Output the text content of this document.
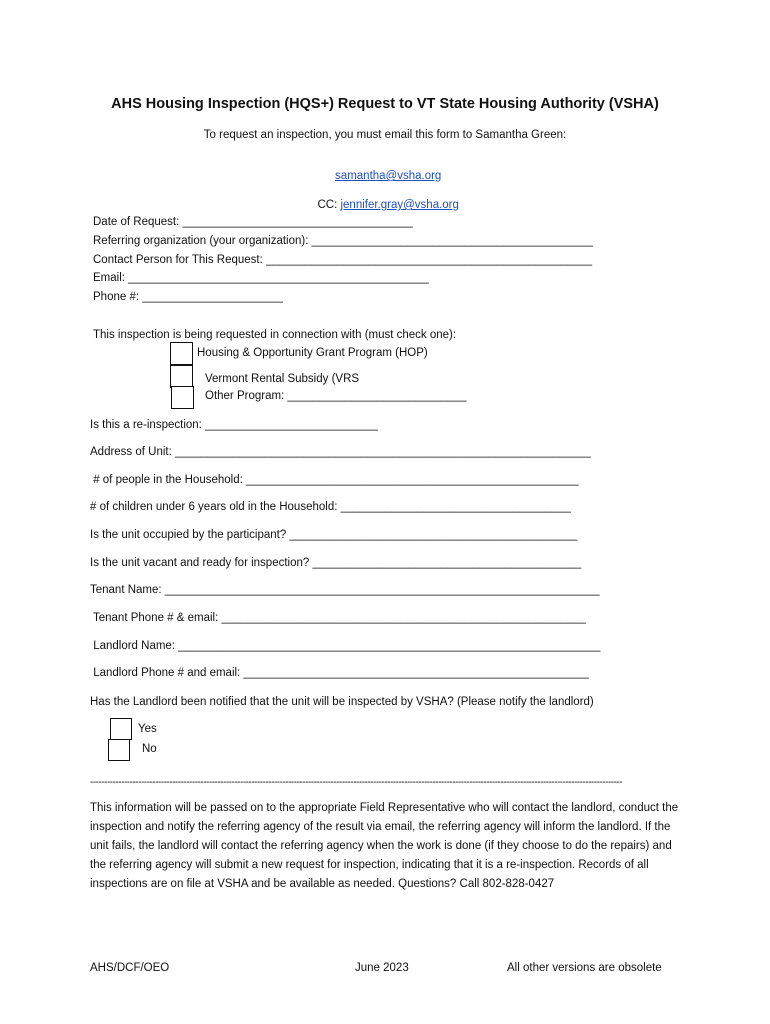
AHS Housing Inspection (HQS+) Request to VT State Housing Authority (VSHA)
To request an inspection, you must email this form to Samantha Green:

samantha@vsha.org

CC: jennifer.gray@vsha.org

Date of Request: ____________________________________
Referring organization (your organization): ____________________________________________
Contact Person for This Request: ___________________________________________________
Email: _______________________________________________
Phone #: ______________________
This inspection is being requested in connection with (must check one):
Housing & Opportunity Grant Program (HOP)
Vermont Rental Subsidy (VRS
Other Program: ____________________________
Is this a re-inspection: ___________________________
Address of Unit: _________________________________________________________________
# of people in the Household: ____________________________________________________
# of children under 6 years old in the Household: ____________________________________
Is the unit occupied by the participant? _____________________________________________
Is the unit vacant and ready for inspection? __________________________________________
Tenant Name: ____________________________________________________________________
Tenant Phone # & email: _________________________________________________________
Landlord Name: __________________________________________________________________
Landlord Phone # and email: ______________________________________________________
Has the Landlord been notified that the unit will be inspected by VSHA? (Please notify the landlord)
Yes
No
--------------------------------------------------------------------------------------------------------------------------------------------------------------------------------------------
This information will be passed on to the appropriate Field Representative who will contact the landlord, conduct the inspection and notify the referring agency of the result via email, the referring agency will inform the landlord. If the unit fails, the landlord will contact the referring agency when the work is done (if they choose to do the repairs) and the referring agency will submit a new request for inspection, indicating that it is a re-inspection. Records of all inspections are on file at VSHA and be available as needed. Questions? Call 802-828-0427
AHS/DCF/OEO	June 2023	All other versions are obsolete
